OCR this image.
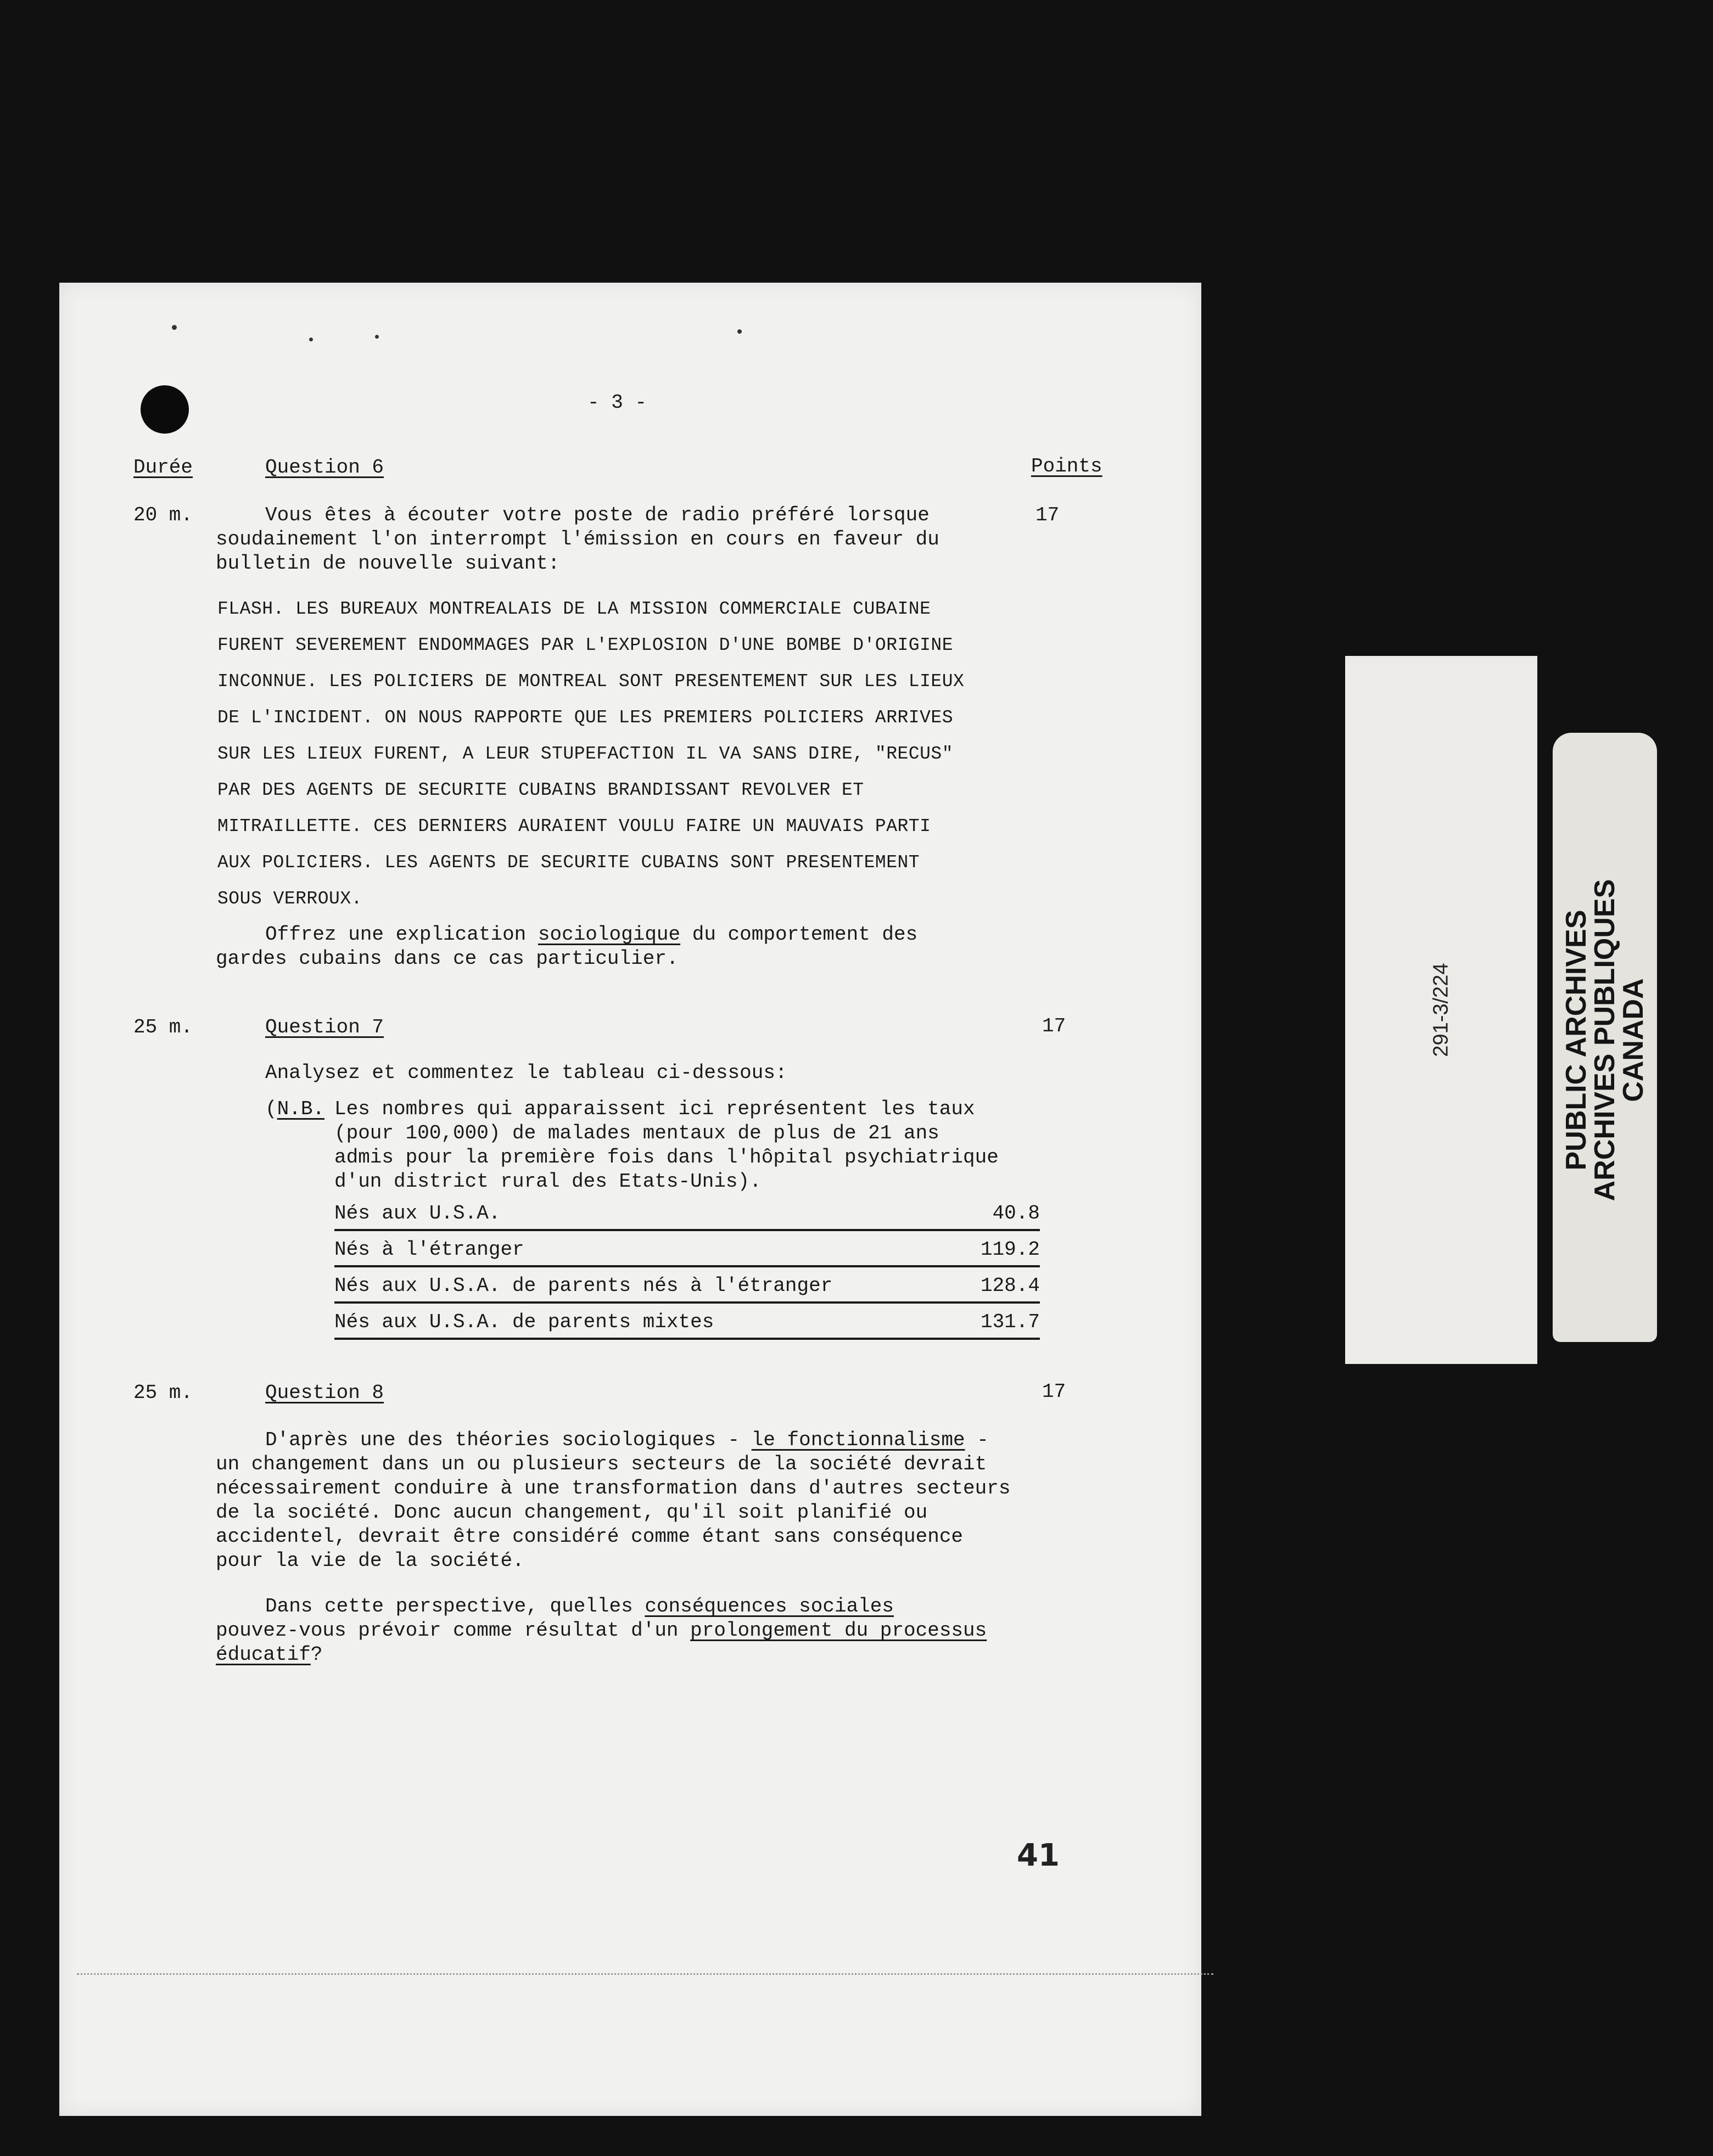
- 3 -
Durée	Points
Question 6
20 m.	17
Vous êtes à écouter votre poste de radio préféré lorsque
soudainement l'on interrompt l'émission en cours en faveur du
bulletin de nouvelle suivant:
FLASH. LES BUREAUX MONTREALAIS DE LA MISSION COMMERCIALE CUBAINE
FURENT SEVEREMENT ENDOMMAGES PAR L'EXPLOSION D'UNE BOMBE D'ORIGINE
INCONNUE. LES POLICIERS DE MONTREAL SONT PRESENTEMENT SUR LES LIEUX
DE L'INCIDENT. ON NOUS RAPPORTE QUE LES PREMIERS POLICIERS ARRIVES
SUR LES LIEUX FURENT, A LEUR STUPEFACTION IL VA SANS DIRE, "RECUS"
PAR DES AGENTS DE SECURITE CUBAINS BRANDISSANT REVOLVER ET
MITRAILLETTE. CES DERNIERS AURAIENT VOULU FAIRE UN MAUVAIS PARTI
AUX POLICIERS. LES AGENTS DE SECURITE CUBAINS SONT PRESENTEMENT
SOUS VERROUX.
Offrez une explication sociologique du comportement des
gardes cubains dans ce cas particulier.
25 m.	Question 7	17
Analysez et commentez le tableau ci-dessous:
(N.B. Les nombres qui apparaissent ici représentent les taux
(pour 100,000) de malades mentaux de plus de 21 ans
admis pour la première fois dans l'hôpital psychiatrique
d'un district rural des Etats-Unis).
Nés aux U.S.A.	40.8
Nés à l'étranger	119.2
Nés aux U.S.A. de parents nés à l'étranger	128.4
Nés aux U.S.A. de parents mixtes	131.7
25 m.	Question 8	17
D'après une des théories sociologiques - le fonctionnalisme -
un changement dans un ou plusieurs secteurs de la société devrait
nécessairement conduire à une transformation dans d'autres secteurs
de la société. Donc aucun changement, qu'il soit planifié ou
accidentel, devrait être considéré comme étant sans conséquence
pour la vie de la société.
Dans cette perspective, quelles conséquences sociales
pouvez-vous prévoir comme résultat d'un prolongement du processus
éducatif?
41
291-3/224	PUBLIC ARCHIVES
ARCHIVES PUBLIQUES
CANADA
